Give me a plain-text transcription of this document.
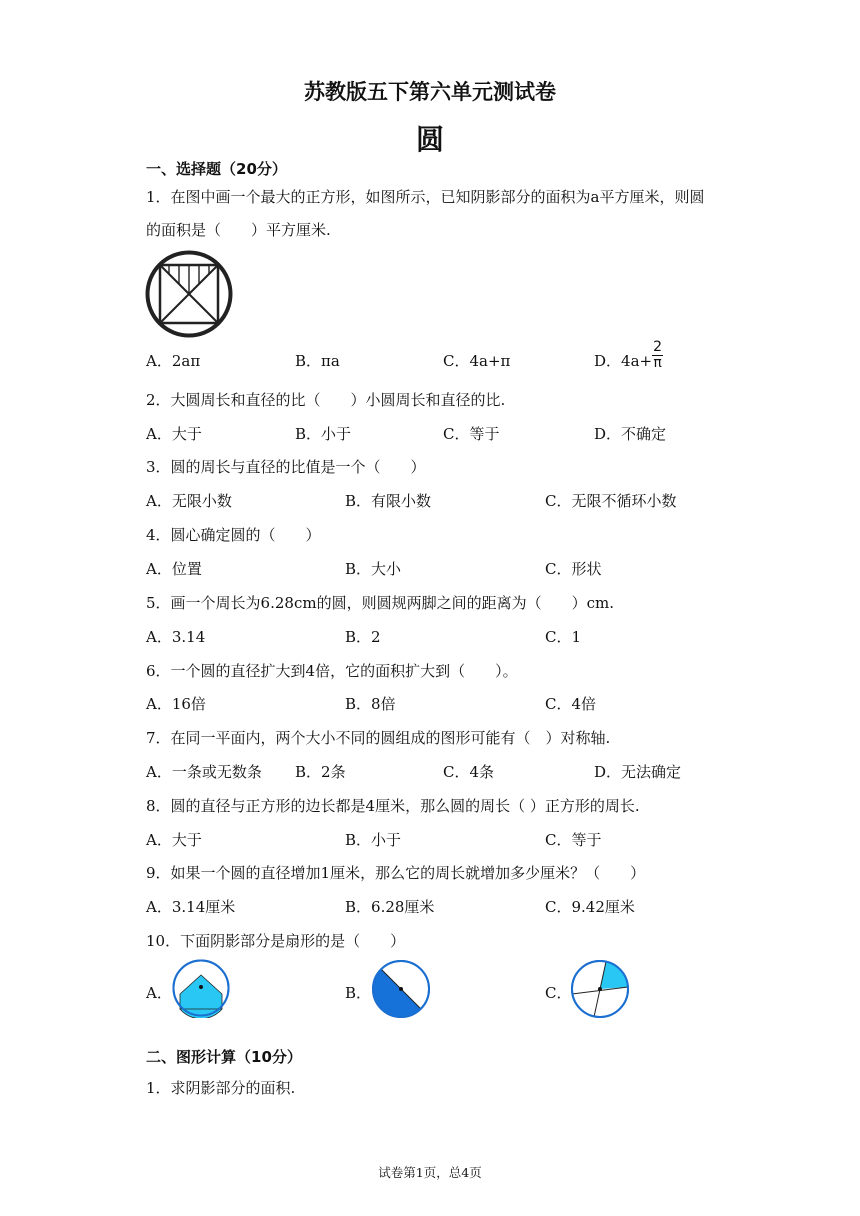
苏教版五下第六单元测试卷
圆
一、选择题（20分）
1．在图中画一个最大的正方形，如图所示，已知阴影部分的面积为a平方厘米，则圆
的面积是（　　）平方厘米.
A．2aπ	B．πa	C．4a+π	D．$4a+ \frac{2}{\pi}$
2．大圆周长和直径的比（　　）小圆周长和直径的比.
A．大于	B．小于	C．等于	D．不确定
3．圆的周长与直径的比值是一个（　　）
A．无限小数	B．有限小数	C．无限不循环小数
4．圆心确定圆的（　　）
A．位置	B．大小	C．形状
5．画一个周长为6.28cm的圆，则圆规两脚之间的距离为（　　）cm.
A．3.14	B．2	C．1
6．一个圆的直径扩大到4倍，它的面积扩大到（　　）。
A．16倍	B．8倍	C．4倍
7．在同一平面内，两个大小不同的圆组成的图形可能有（　）对称轴.
A．一条或无数条 B．2条	C．4条	D．无法确定
8．圆的直径与正方形的边长都是4厘米，那么圆的周长（ ）正方形的周长.
A．大于	B．小于	C．等于
9．如果一个圆的直径增加1厘米，那么它的周长就增加多少厘米？（　　）
A．3.14厘米	B．6.28厘米	C．9.42厘米
10．下面阴影部分是扇形的是（　　）
A．	B．	C．
二、图形计算（10分）
1．求阴影部分的面积.
试卷第1页，总4页
